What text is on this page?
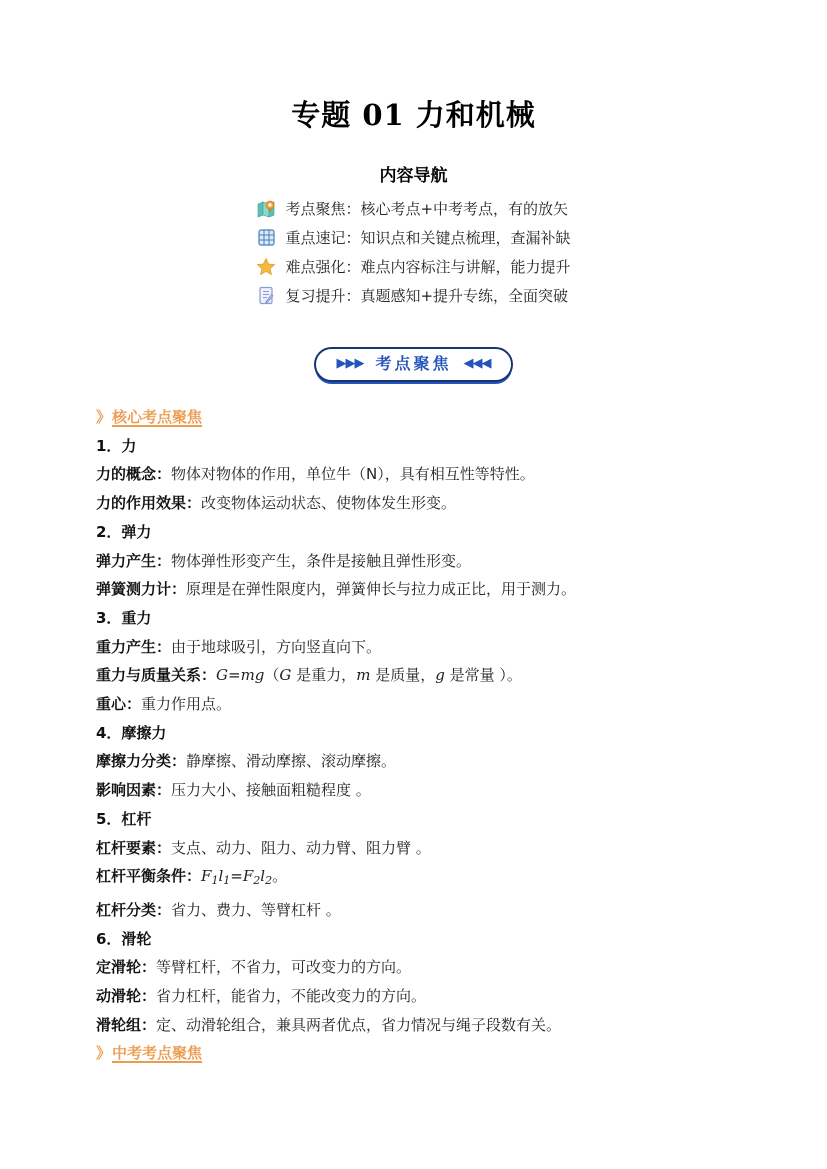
专题 01 力和机械
内容导航
考点聚焦：核心考点+中考考点，有的放矢
重点速记：知识点和关键点梳理，查漏补缺
难点强化：难点内容标注与讲解，能力提升
复习提升：真题感知+提升专练，全面突破
▶▶▶ 考点聚焦 ◀◀◀
》核心考点聚焦
1．力
力的概念：物体对物体的作用，单位牛（N），具有相互性等特性。
力的作用效果：改变物体运动状态、使物体发生形变。
2．弹力
弹力产生：物体弹性形变产生，条件是接触且弹性形变。
弹簧测力计：原理是在弹性限度内，弹簧伸长与拉力成正比，用于测力。
3．重力
重力产生：由于地球吸引，方向竖直向下。
重力与质量关系：G=mg（G 是重力，m 是质量，g 是常量 ）。
重心：重力作用点。
4．摩擦力
摩擦力分类：静摩擦、滑动摩擦、滚动摩擦。
影响因素：压力大小、接触面粗糙程度 。
5．杠杆
杠杆要素：支点、动力、阻力、动力臂、阻力臂 。
杠杆平衡条件：$F_1l_1=F_2l_2$。
杠杆分类：省力、费力、等臂杠杆 。
6．滑轮
定滑轮：等臂杠杆，不省力，可改变力的方向。
动滑轮：省力杠杆，能省力，不能改变力的方向。
滑轮组：定、动滑轮组合，兼具两者优点，省力情况与绳子段数有关。
》中考考点聚焦
